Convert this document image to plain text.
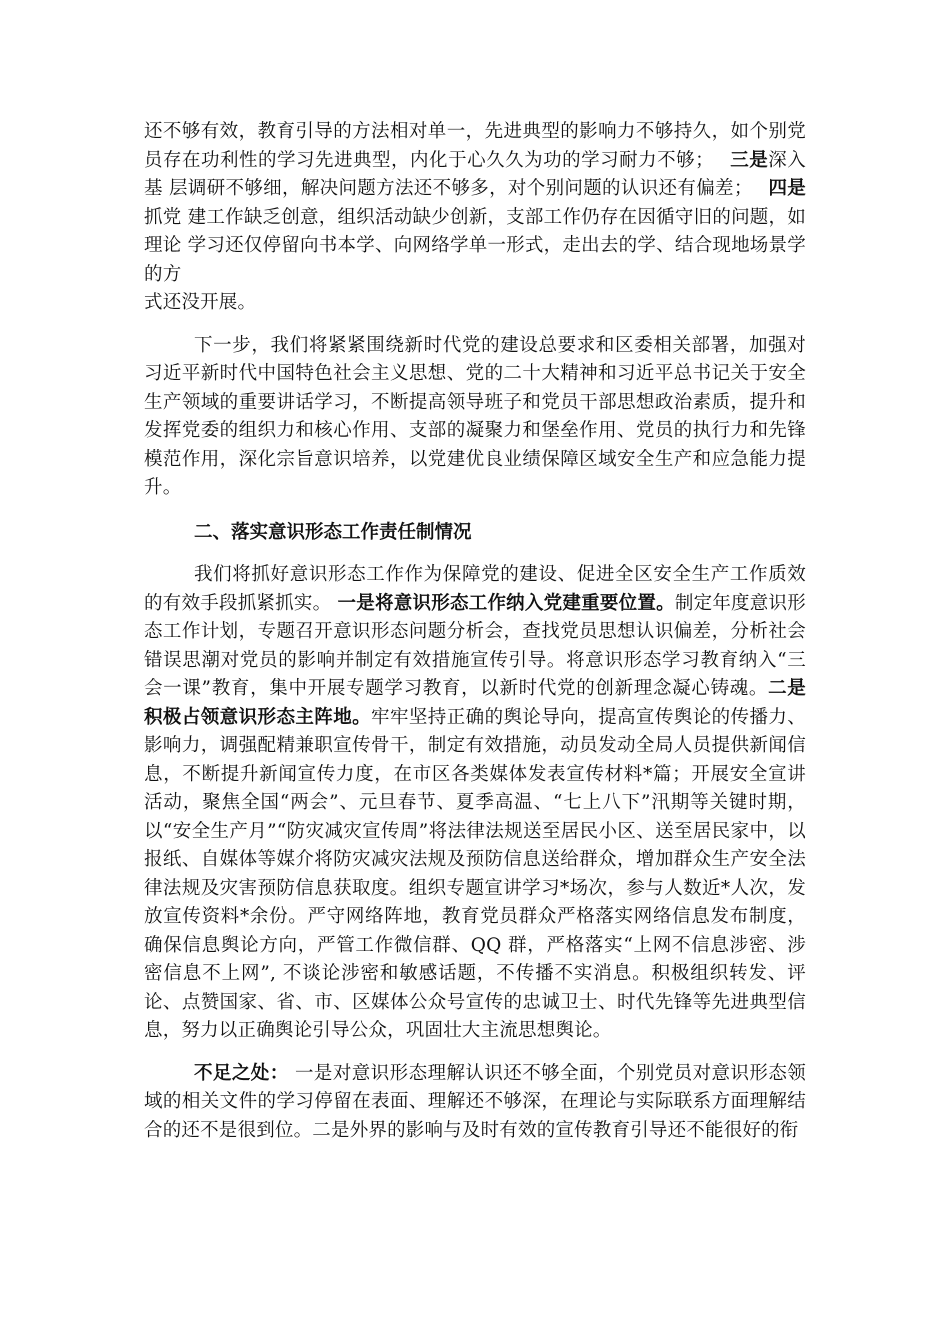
还不够有效，教育引导的方法相对单一，先进典型的影响力不够持久，如个别党员存在功利性的学习先进典型，内化于心久久为功的学习耐力不够；　 三是深入基 层调研不够细，解决问题方法还不够多，对个别问题的认识还有偏差；　 四是抓党 建工作缺乏创意，组织活动缺少创新，支部工作仍存在因循守旧的问题，如理论 学习还仅停留向书本学、向网络学单一形式，走出去的学、结合现地场景学的方
式还没开展。

下一步，我们将紧紧围绕新时代党的建设总要求和区委相关部署，加强对习近平新时代中国特色社会主义思想、党的二十大精神和习近平总书记关于安全生产领域的重要讲话学习，不断提高领导班子和党员干部思想政治素质，提升和发挥党委的组织力和核心作用、支部的凝聚力和堡垒作用、党员的执行力和先锋模范作用，深化宗旨意识培养，以党建优良业绩保障区域安全生产和应急能力提升。

二、落实意识形态工作责任制情况

我们将抓好意识形态工作作为保障党的建设、促进全区安全生产工作质效的有效手段抓紧抓实。 一是将意识形态工作纳入党建重要位置。制定年度意识形态工作计划，专题召开意识形态问题分析会，查找党员思想认识偏差，分析社会错误思潮对党员的影响并制定有效措施宣传引导。将意识形态学习教育纳入“三会一课”教育，集中开展专题学习教育，以新时代党的创新理念凝心铸魂。二是积极占领意识形态主阵地。牢牢坚持正确的舆论导向，提高宣传舆论的传播力、影响力，调强配精兼职宣传骨干，制定有效措施，动员发动全局人员提供新闻信息，不断提升新闻宣传力度，在市区各类媒体发表宣传材料*篇；开展安全宣讲活动，聚焦全国“两会”、元旦春节、夏季高温、“七上八下”汛期等关键时期，以“安全生产月”“防灾减灾宣传周”将法律法规送至居民小区、送至居民家中，以报纸、自媒体等媒介将防灾减灾法规及预防信息送给群众，增加群众生产安全法律法规及灾害预防信息获取度。组织专题宣讲学习*场次，参与人数近*人次，发放宣传资料*余份。严守网络阵地，教育党员群众严格落实网络信息发布制度，确保信息舆论方向，严管工作微信群、QQ 群，严格落实“上网不信息涉密、涉密信息不上网”, 不谈论涉密和敏感话题，不传播不实消息。积极组织转发、评论、点赞国家、省、市、区媒体公众号宣传的忠诚卫士、时代先锋等先进典型信息，努力以正确舆论引导公众，巩固壮大主流思想舆论。

不足之处： 一是对意识形态理解认识还不够全面，个别党员对意识形态领域的相关文件的学习停留在表面、理解还不够深，在理论与实际联系方面理解结合的还不是很到位。二是外界的影响与及时有效的宣传教育引导还不能很好的衔
